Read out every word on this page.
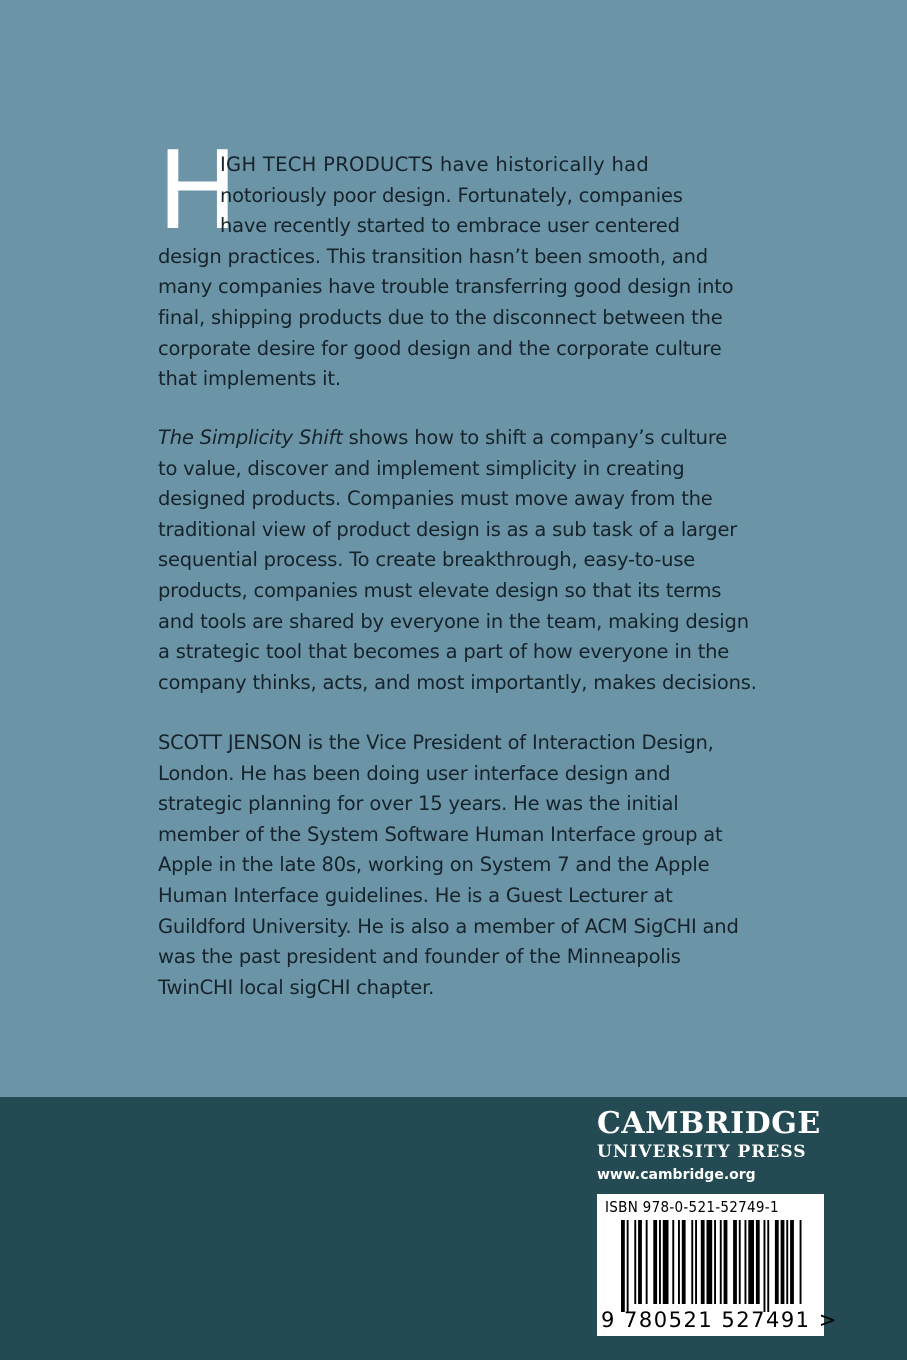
H
IGH TECH PRODUCTS have historically had
notoriously poor design. Fortunately, companies
have recently started to embrace user centered
design practices. This transition hasn’t been smooth, and
many companies have trouble transferring good design into
final, shipping products due to the disconnect between the
corporate desire for good design and the corporate culture
that implements it.
The Simplicity Shift shows how to shift a company’s culture
to value, discover and implement simplicity in creating
designed products. Companies must move away from the
traditional view of product design is as a sub task of a larger
sequential process. To create breakthrough, easy-to-use
products, companies must elevate design so that its terms
and tools are shared by everyone in the team, making design
a strategic tool that becomes a part of how everyone in the
company thinks, acts, and most importantly, makes decisions.
SCOTT JENSON is the Vice President of Interaction Design,
London. He has been doing user interface design and
strategic planning for over 15 years. He was the initial
member of the System Software Human Interface group at
Apple in the late 80s, working on System 7 and the Apple
Human Interface guidelines. He is a Guest Lecturer at
Guildford University. He is also a member of ACM SigCHI and
was the past president and founder of the Minneapolis
TwinCHI local sigCHI chapter.
CAMBRIDGE
UNIVERSITY PRESS
www.cambridge.org
ISBN 978-0-521-52749-1
9 780521 527491 >
